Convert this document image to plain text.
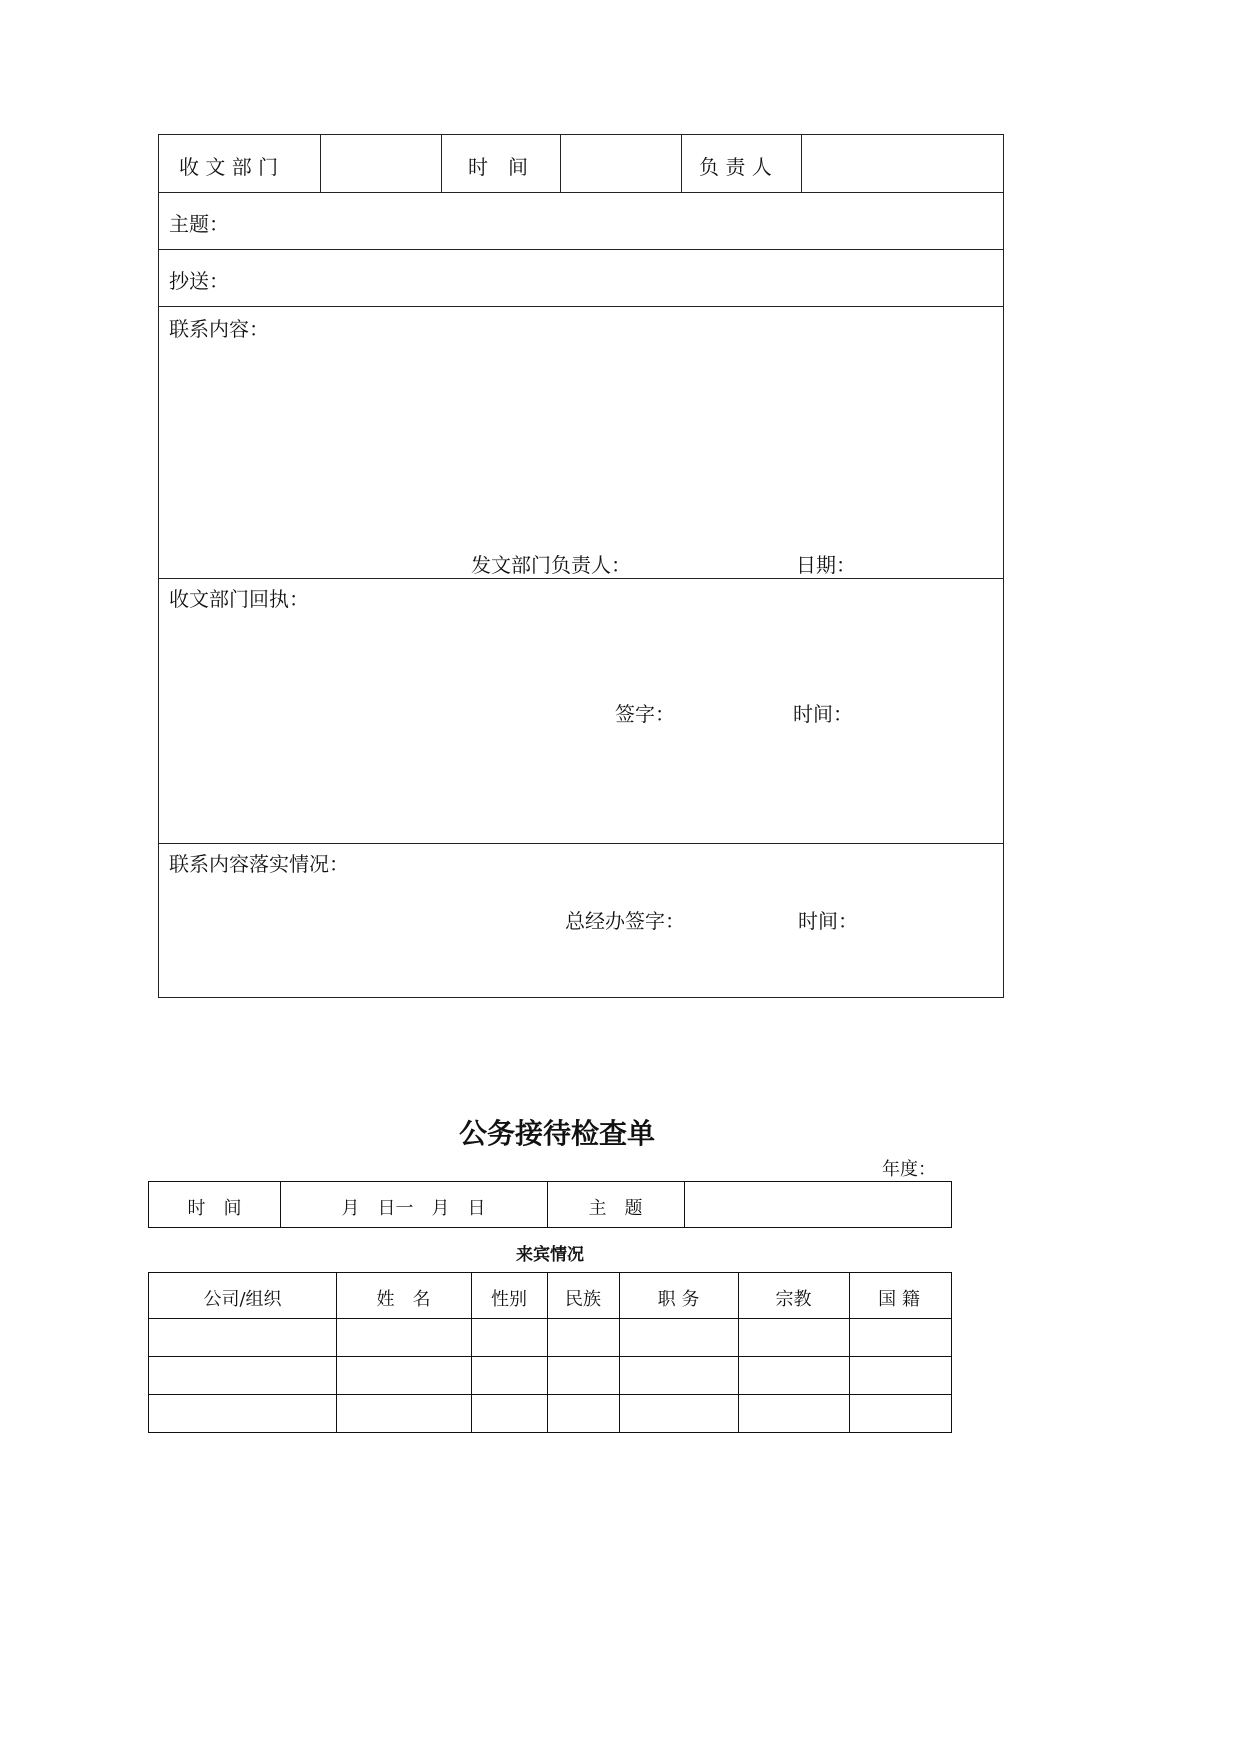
收 文 部 门	时　间	负 责 人
主题：
抄送：
联系内容：
发文部门负责人：	日期：
收文部门回执：
签字：	时间：
联系内容落实情况：
总经办签字：	时间：
公务接待检查单
年度：
时　间	月　日一　月　日	主　题
来宾情况
公司/组织	姓　名	性别	民族	职 务	宗教	国 籍
